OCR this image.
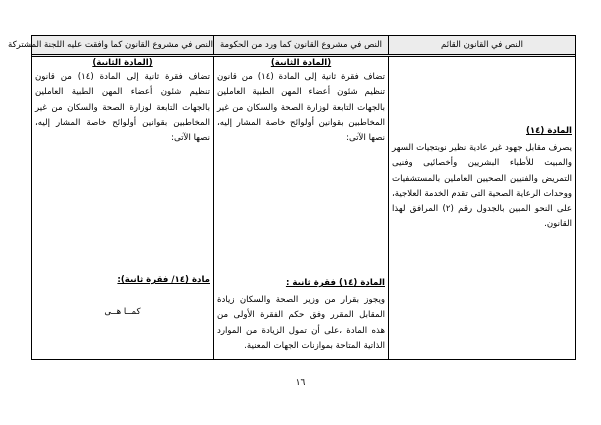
النص في القانون القائم
النص في مشروع القانون كما ورد من الحكومة
النص في مشروع القانون كما وافقت عليه اللجنة المشتركة
المادة (١٤)
يصرف مقابل جهود غير عادية نظير نوبتجيات السهر والمبيت للأطباء البشريين وأخصائيى وفنيى التمريض والفنيين الصحيين العاملين بالمستشفيات ووحدات الرعاية الصحية التى تقدم الخدمة العلاجية، على النحو المبين بالجدول رقم (٢) المرافق لهذا القانون.
(المادة الثانية)
تضاف فقرة ثانية إلى المادة (١٤) من قانون تنظيم شئون أعضاء المهن الطبية العاملين بالجهات التابعة لوزارة الصحة والسكان من غير المخاطبين بقوانين أولوائح خاصة المشار إليه، نصها الآتى:
المادة (١٤) فقرة ثانية :
ويجوز بقرار من وزير الصحة والسكان زيادة المقابل المقرر وفق حكم الفقرة الأولى من هذه المادة ،على أن تمول الزيادة من الموارد الذاتية المتاحة بموازنات الجهات المعنية.
(المادة الثانية)
تضاف فقرة ثانية إلى المادة (١٤) من قانون تنظيم شئون أعضاء المهن الطبية العاملين بالجهات التابعة لوزارة الصحة والسكان من غير المخاطبين بقوانين أولوائح خاصة المشار إليه، نصها الآتى:
مادة (١٤/ فقرة ثانية):
كمــا هــى
١٦
